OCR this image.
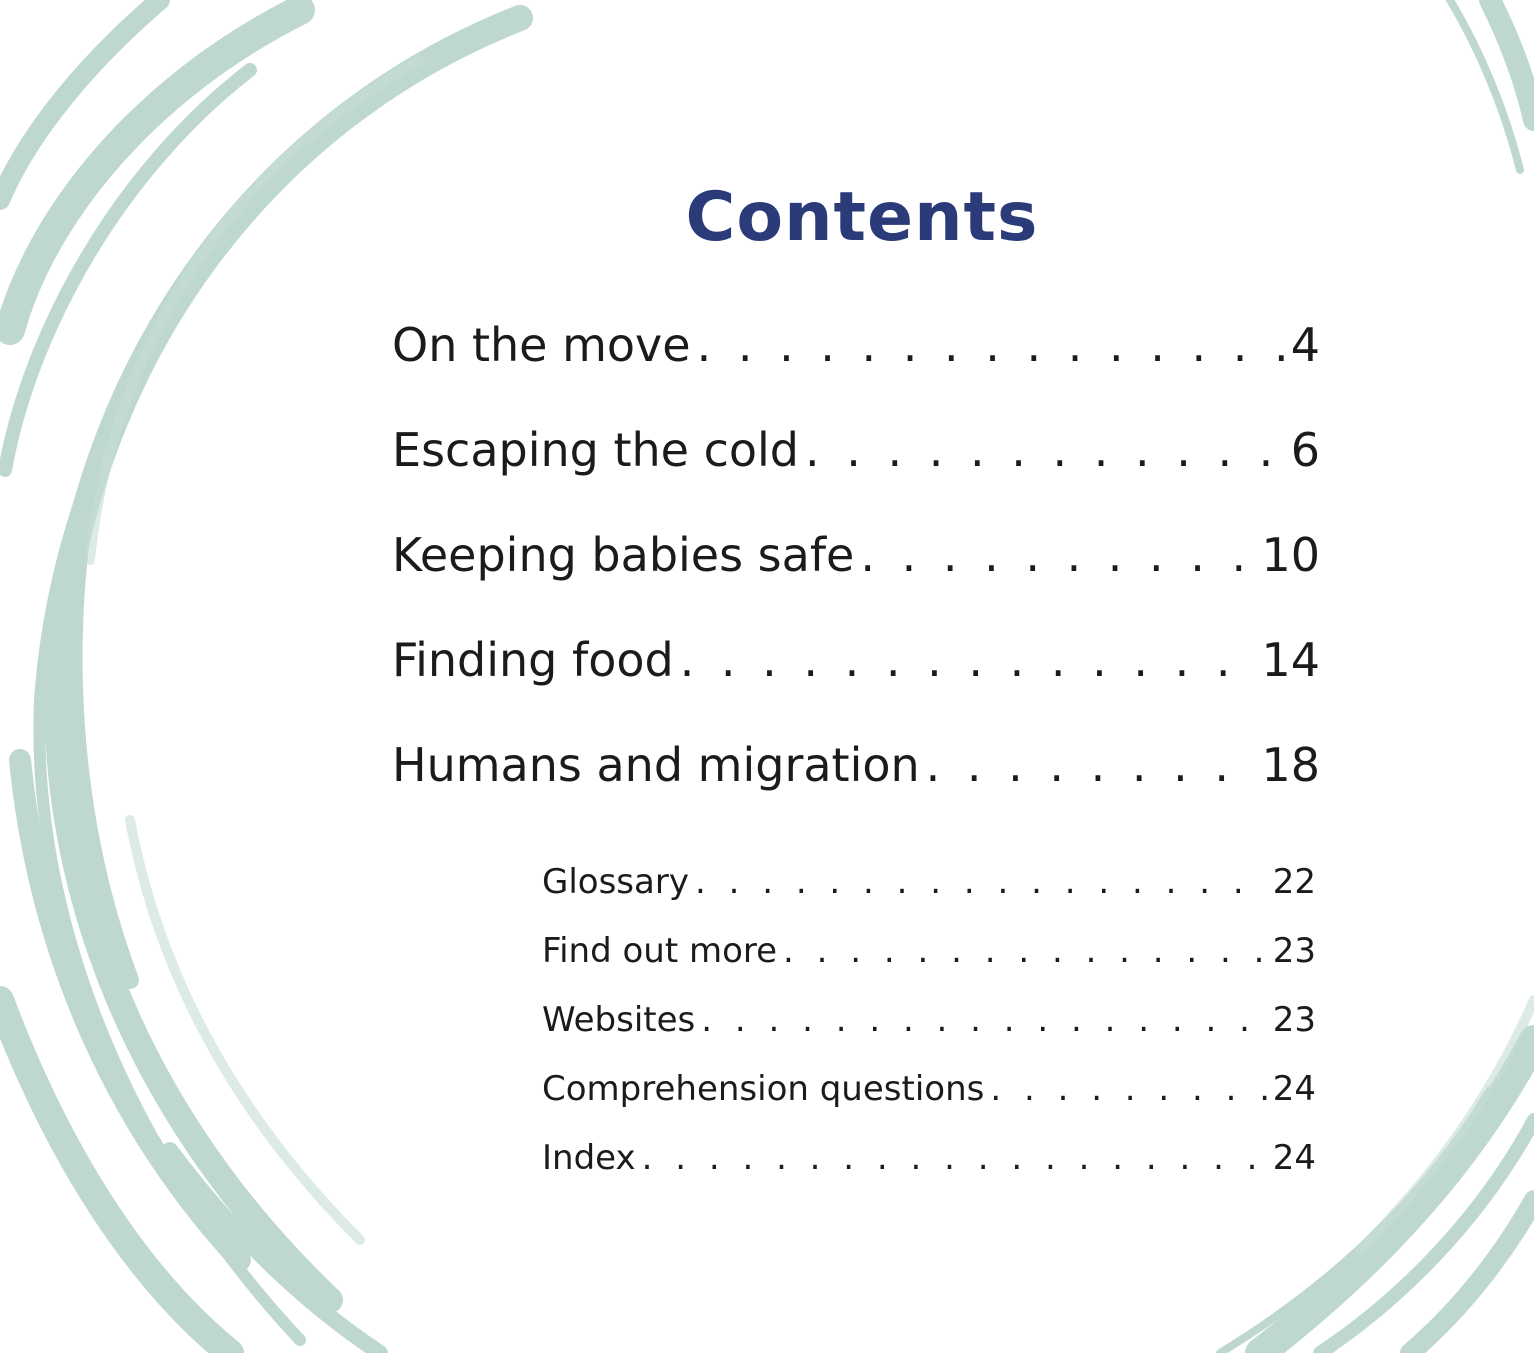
Contents
On the move . . .	4
Escaping the cold . . .	6
Keeping babies safe . . .	10
Finding food . . .	14
Humans and migration . . .	18
Glossary . . .	22
Find out more . . .	23
Websites . . .	23
Comprehension questions . . .	24
Index . . .	24
